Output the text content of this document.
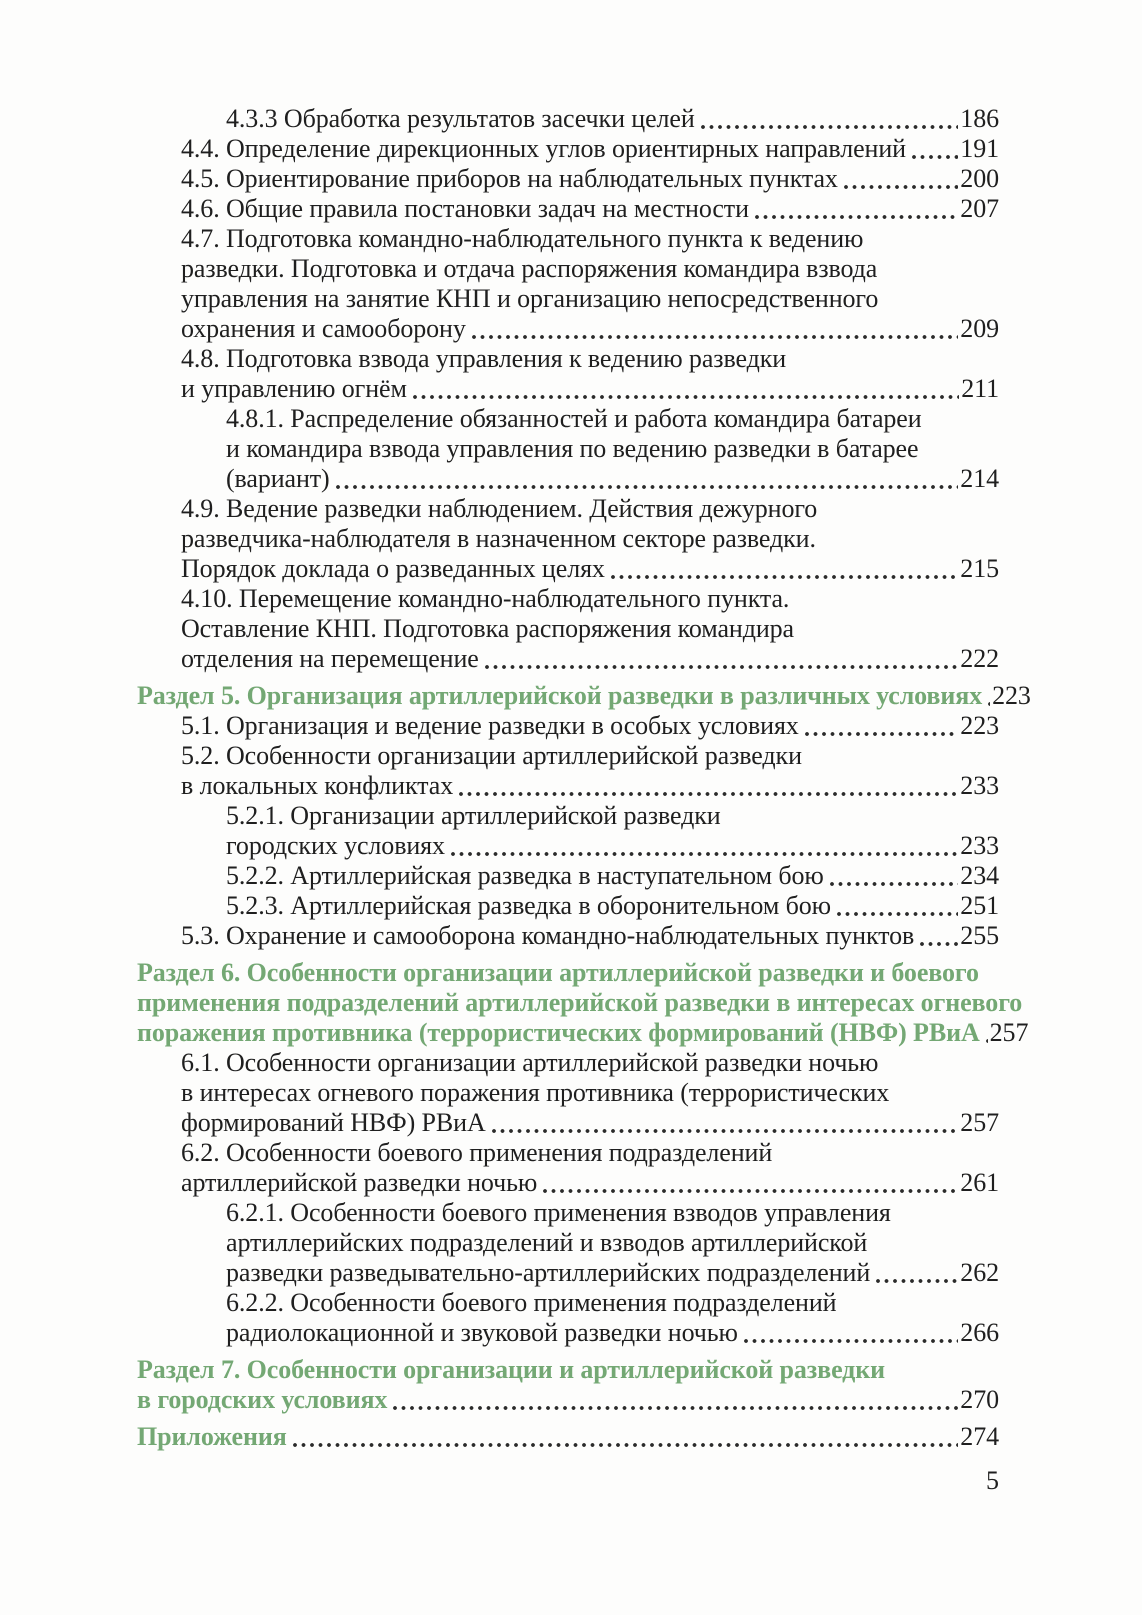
4.3.3 Обработка результатов засечки целей	186
4.4. Определение дирекционных углов ориентирных направлений 191
4.5. Ориентирование приборов на наблюдательных пунктах	200
4.6. Общие правила постановки задач на местности	207
4.7. Подготовка командно-наблюдательного пункта к ведению
разведки. Подготовка и отдача распоряжения командира взвода
управления на занятие КНП и организацию непосредственного
охранения и самооборону	209
4.8. Подготовка взвода управления к ведению разведки
и управлению огнём	211
4.8.1. Распределение обязанностей и работа командира батареи
и командира взвода управления по ведению разведки в батарее
(вариант)	214
4.9. Ведение разведки наблюдением. Действия дежурного
разведчика-наблюдателя в назначенном секторе разведки.
Порядок доклада о разведанных целях	215
4.10. Перемещение командно-наблюдательного пункта.
Оставление КНП. Подготовка распоряжения командира
отделения на перемещение	222
Раздел 5. Организация артиллерийской разведки в различных условиях 223
5.1. Организация и ведение разведки в особых условиях	223
5.2. Особенности организации артиллерийской разведки
в локальных конфликтах	233
5.2.1. Организации артиллерийской разведки
городских условиях	233
5.2.2. Артиллерийская разведка в наступательном бою	234
5.2.3. Артиллерийская разведка в оборонительном бою	251
5.3. Охранение и самооборона командно-наблюдательных пунктов 255
Раздел 6. Особенности организации артиллерийской разведки и боевого
применения подразделений артиллерийской разведки в интересах огневого
поражения противника (террористических формирований (НВФ) РВиА 257
6.1. Особенности организации артиллерийской разведки ночью
в интересах огневого поражения противника (террористических
формирований НВФ) РВиА	257
6.2. Особенности боевого применения подразделений
артиллерийской разведки ночью	261
6.2.1. Особенности боевого применения взводов управления
артиллерийских подразделений и взводов артиллерийской
разведки разведывательно-артиллерийских подразделений	262
6.2.2. Особенности боевого применения подразделений
радиолокационной и звуковой разведки ночью	266
Раздел 7. Особенности организации и артиллерийской разведки
в городских условиях	270
Приложения	274
5
